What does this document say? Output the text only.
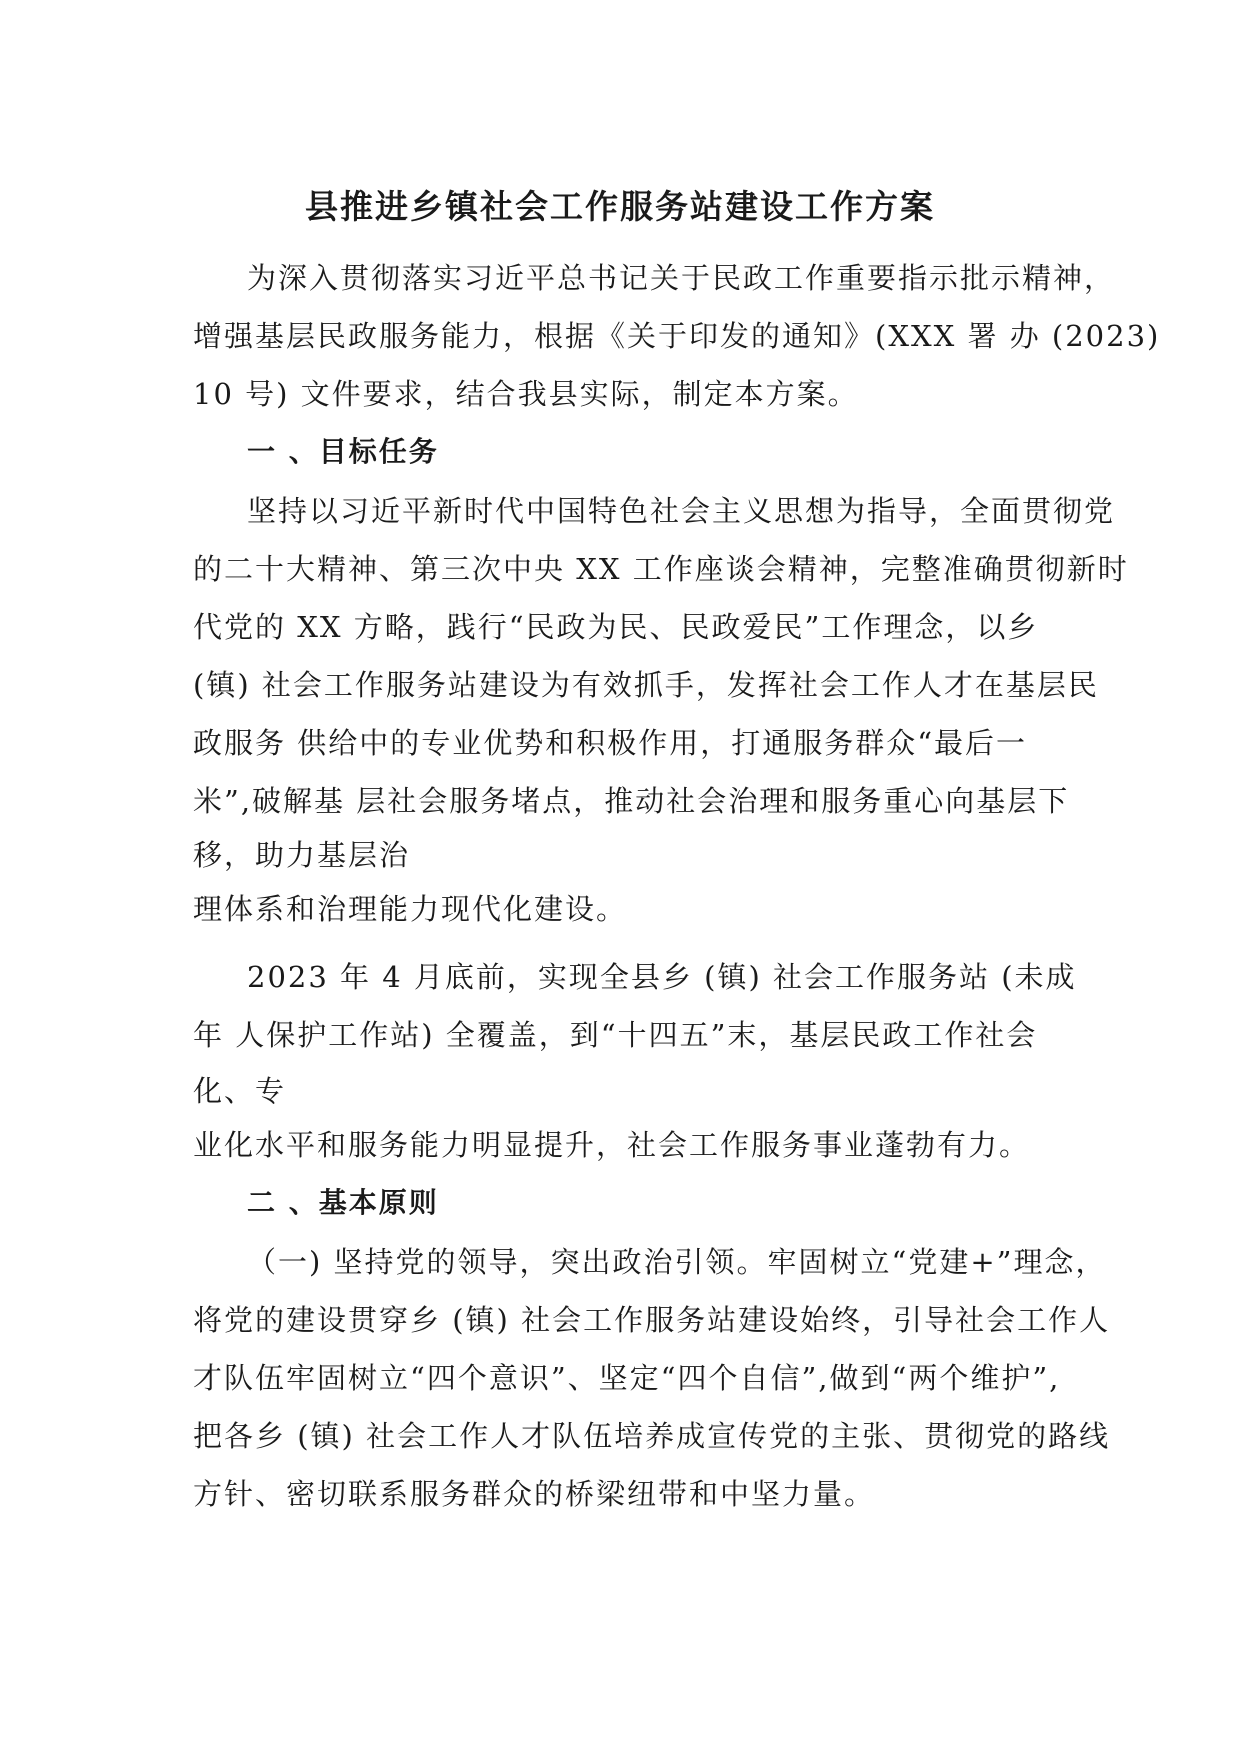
县推进乡镇社会工作服务站建设工作方案
为深入贯彻落实习近平总书记关于民政工作重要指示批示精神，
增强基层民政服务能力，根据《关于印发的通知》(XXX 署 办 (2023)
10 号) 文件要求，结合我县实际，制定本方案。
一 、目标任务
坚持以习近平新时代中国特色社会主义思想为指导，全面贯彻党
的二十大精神、第三次中央 XX 工作座谈会精神，完整准确贯彻新时
代党的 XX 方略，践行“民政为民、民政爱民”工作理念，以乡
(镇) 社会工作服务站建设为有效抓手，发挥社会工作人才在基层民
政服务 供给中的专业优势和积极作用，打通服务群众“最后一
米”,破解基 层社会服务堵点，推动社会治理和服务重心向基层下
移，助力基层治
理体系和治理能力现代化建设。
2023 年 4 月底前，实现全县乡 (镇) 社会工作服务站 (未成
年 人保护工作站) 全覆盖，到“十四五”末，基层民政工作社会
化、专
业化水平和服务能力明显提升，社会工作服务事业蓬勃有力。
二 、基本原则
（一) 坚持党的领导，突出政治引领。牢固树立“党建+”理念，
将党的建设贯穿乡 (镇) 社会工作服务站建设始终，引导社会工作人
才队伍牢固树立“四个意识”、坚定“四个自信”,做到“两个维护”,
把各乡 (镇) 社会工作人才队伍培养成宣传党的主张、贯彻党的路线
方针、密切联系服务群众的桥梁纽带和中坚力量。
